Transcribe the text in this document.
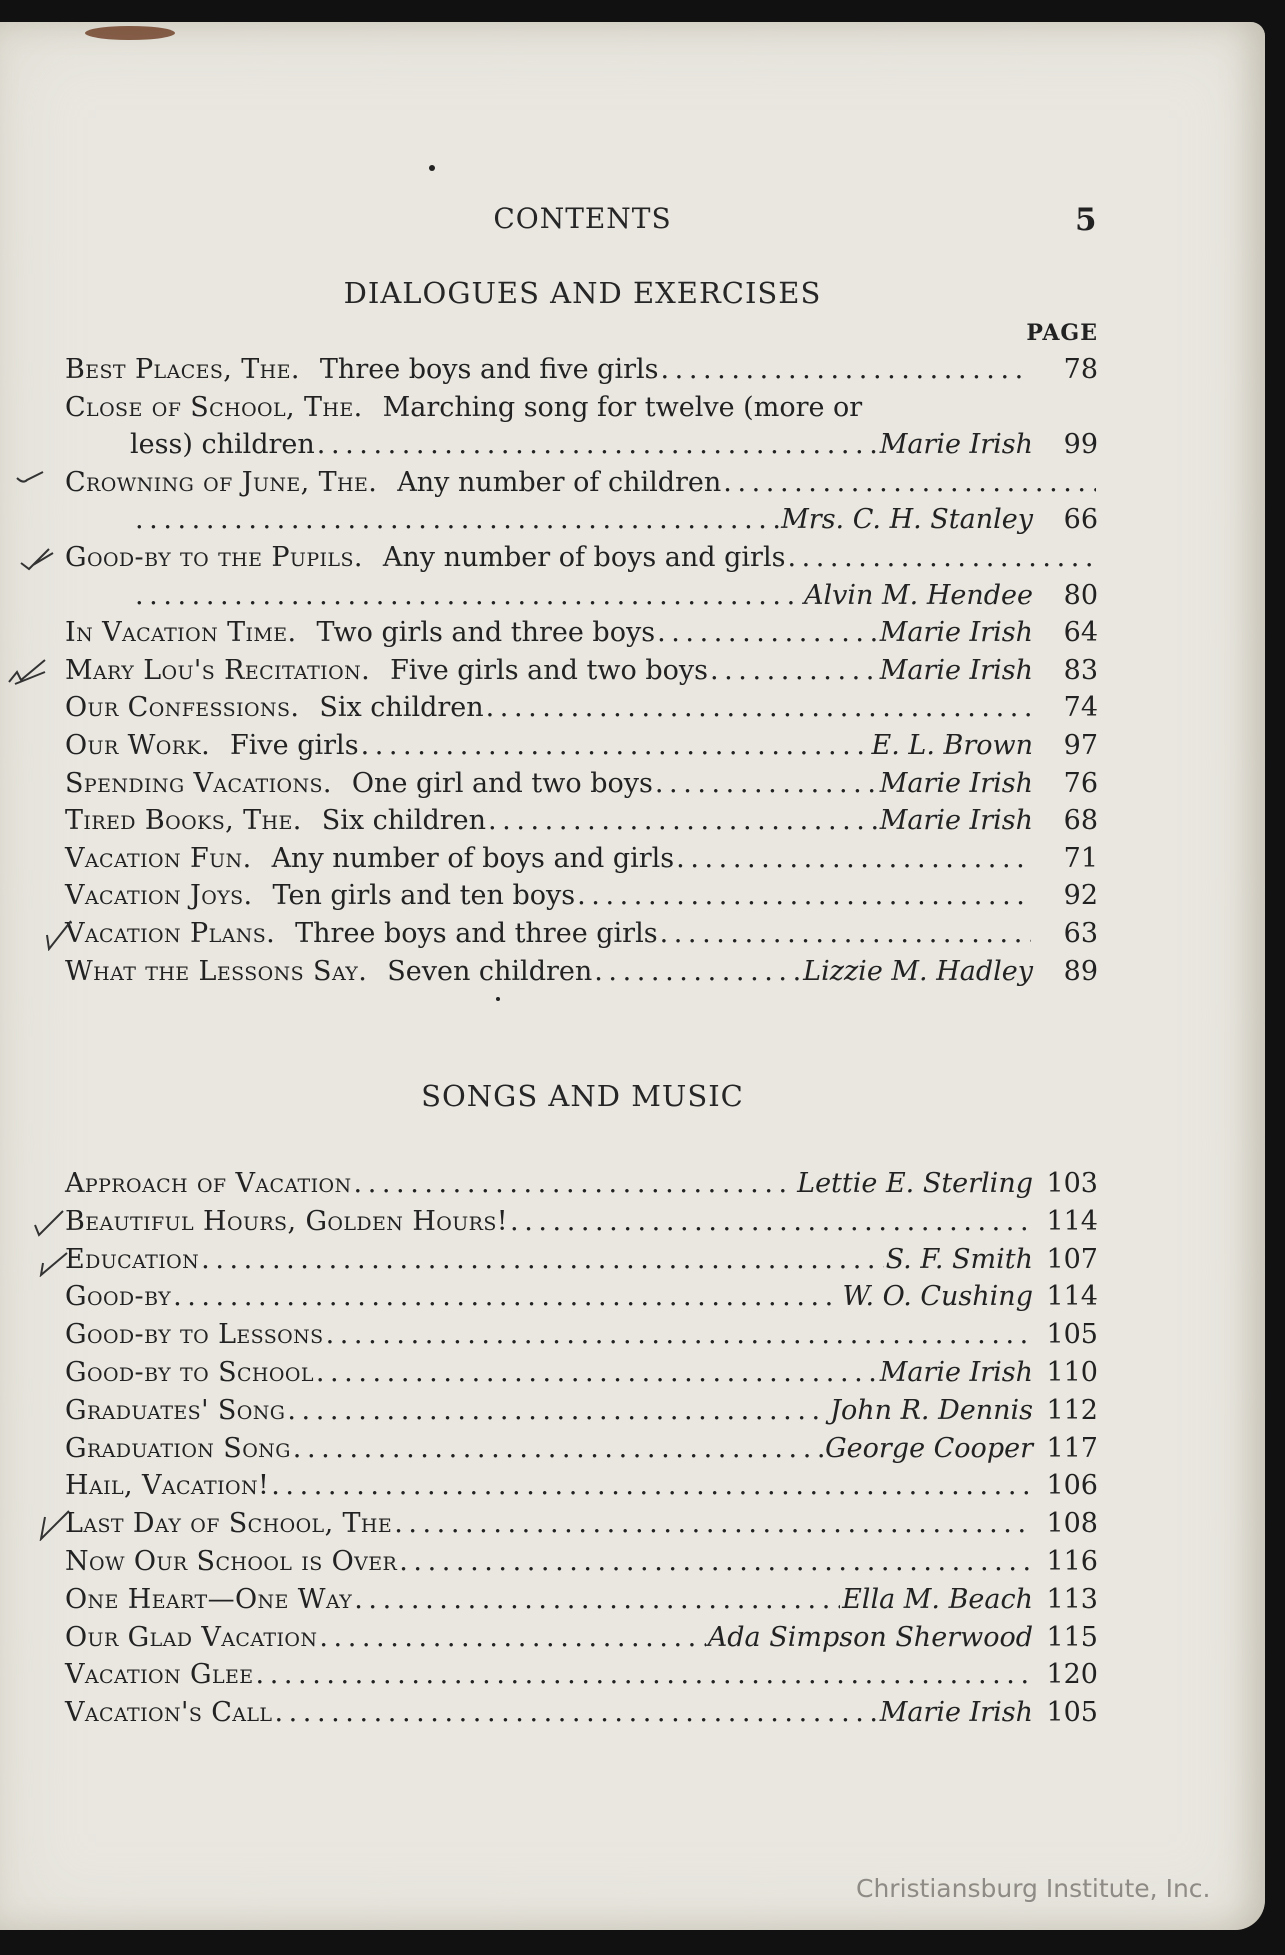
CONTENTS	5
DIALOGUES AND EXERCISES
PAGE
Best Places, The. Three boys and five girls . . .	78
Close of School, The. Marching song for twelve (more or
less) children . . .	Marie Irish	99
Crowning of June, The. Any number of children
. . .
. . .
Mrs. C. H. Stanley	66
Good-by to the Pupils. Any number of boys and girls
. . .
. . .
Alvin M. Hendee	80
In Vacation Time. Two girls and three boys . . .	Marie Irish	64
Mary Lou's Recitation. Five girls and two boys . . .	Marie Irish	83
Our Confessions. Six children . . .	74
Our Work. Five girls . . .	E. L. Brown	97
Spending Vacations. One girl and two boys . . .	Marie Irish	76
Tired Books, The. Six children . . .	Marie Irish	68
Vacation Fun. Any number of boys and girls . . .	71
Vacation Joys. Ten girls and ten boys . . .	92
Vacation Plans. Three boys and three girls . . .	63
What the Lessons Say. Seven children . . .	Lizzie M. Hadley	89
SONGS AND MUSIC
Approach of Vacation . . .	Lettie E. Sterling 103
Beautiful Hours, Golden Hours! . . .	114
Education . . .	S. F. Smith 107
Good-by . . .	W. O. Cushing 114
Good-by to Lessons . . .	105
Good-by to School . . .	Marie Irish 110
Graduates' Song . . .	John R. Dennis 112
Graduation Song . . .	George Cooper 117
Hail, Vacation! . . .	106
Last Day of School, The . . .	108
Now Our School is Over . . .	116
One Heart—One Way . . .	Ella M. Beach 113
Our Glad Vacation . . .	Ada Simpson Sherwood 115
Vacation Glee . . .	120
Vacation's Call . . .	Marie Irish 105
Christiansburg Institute, Inc.
